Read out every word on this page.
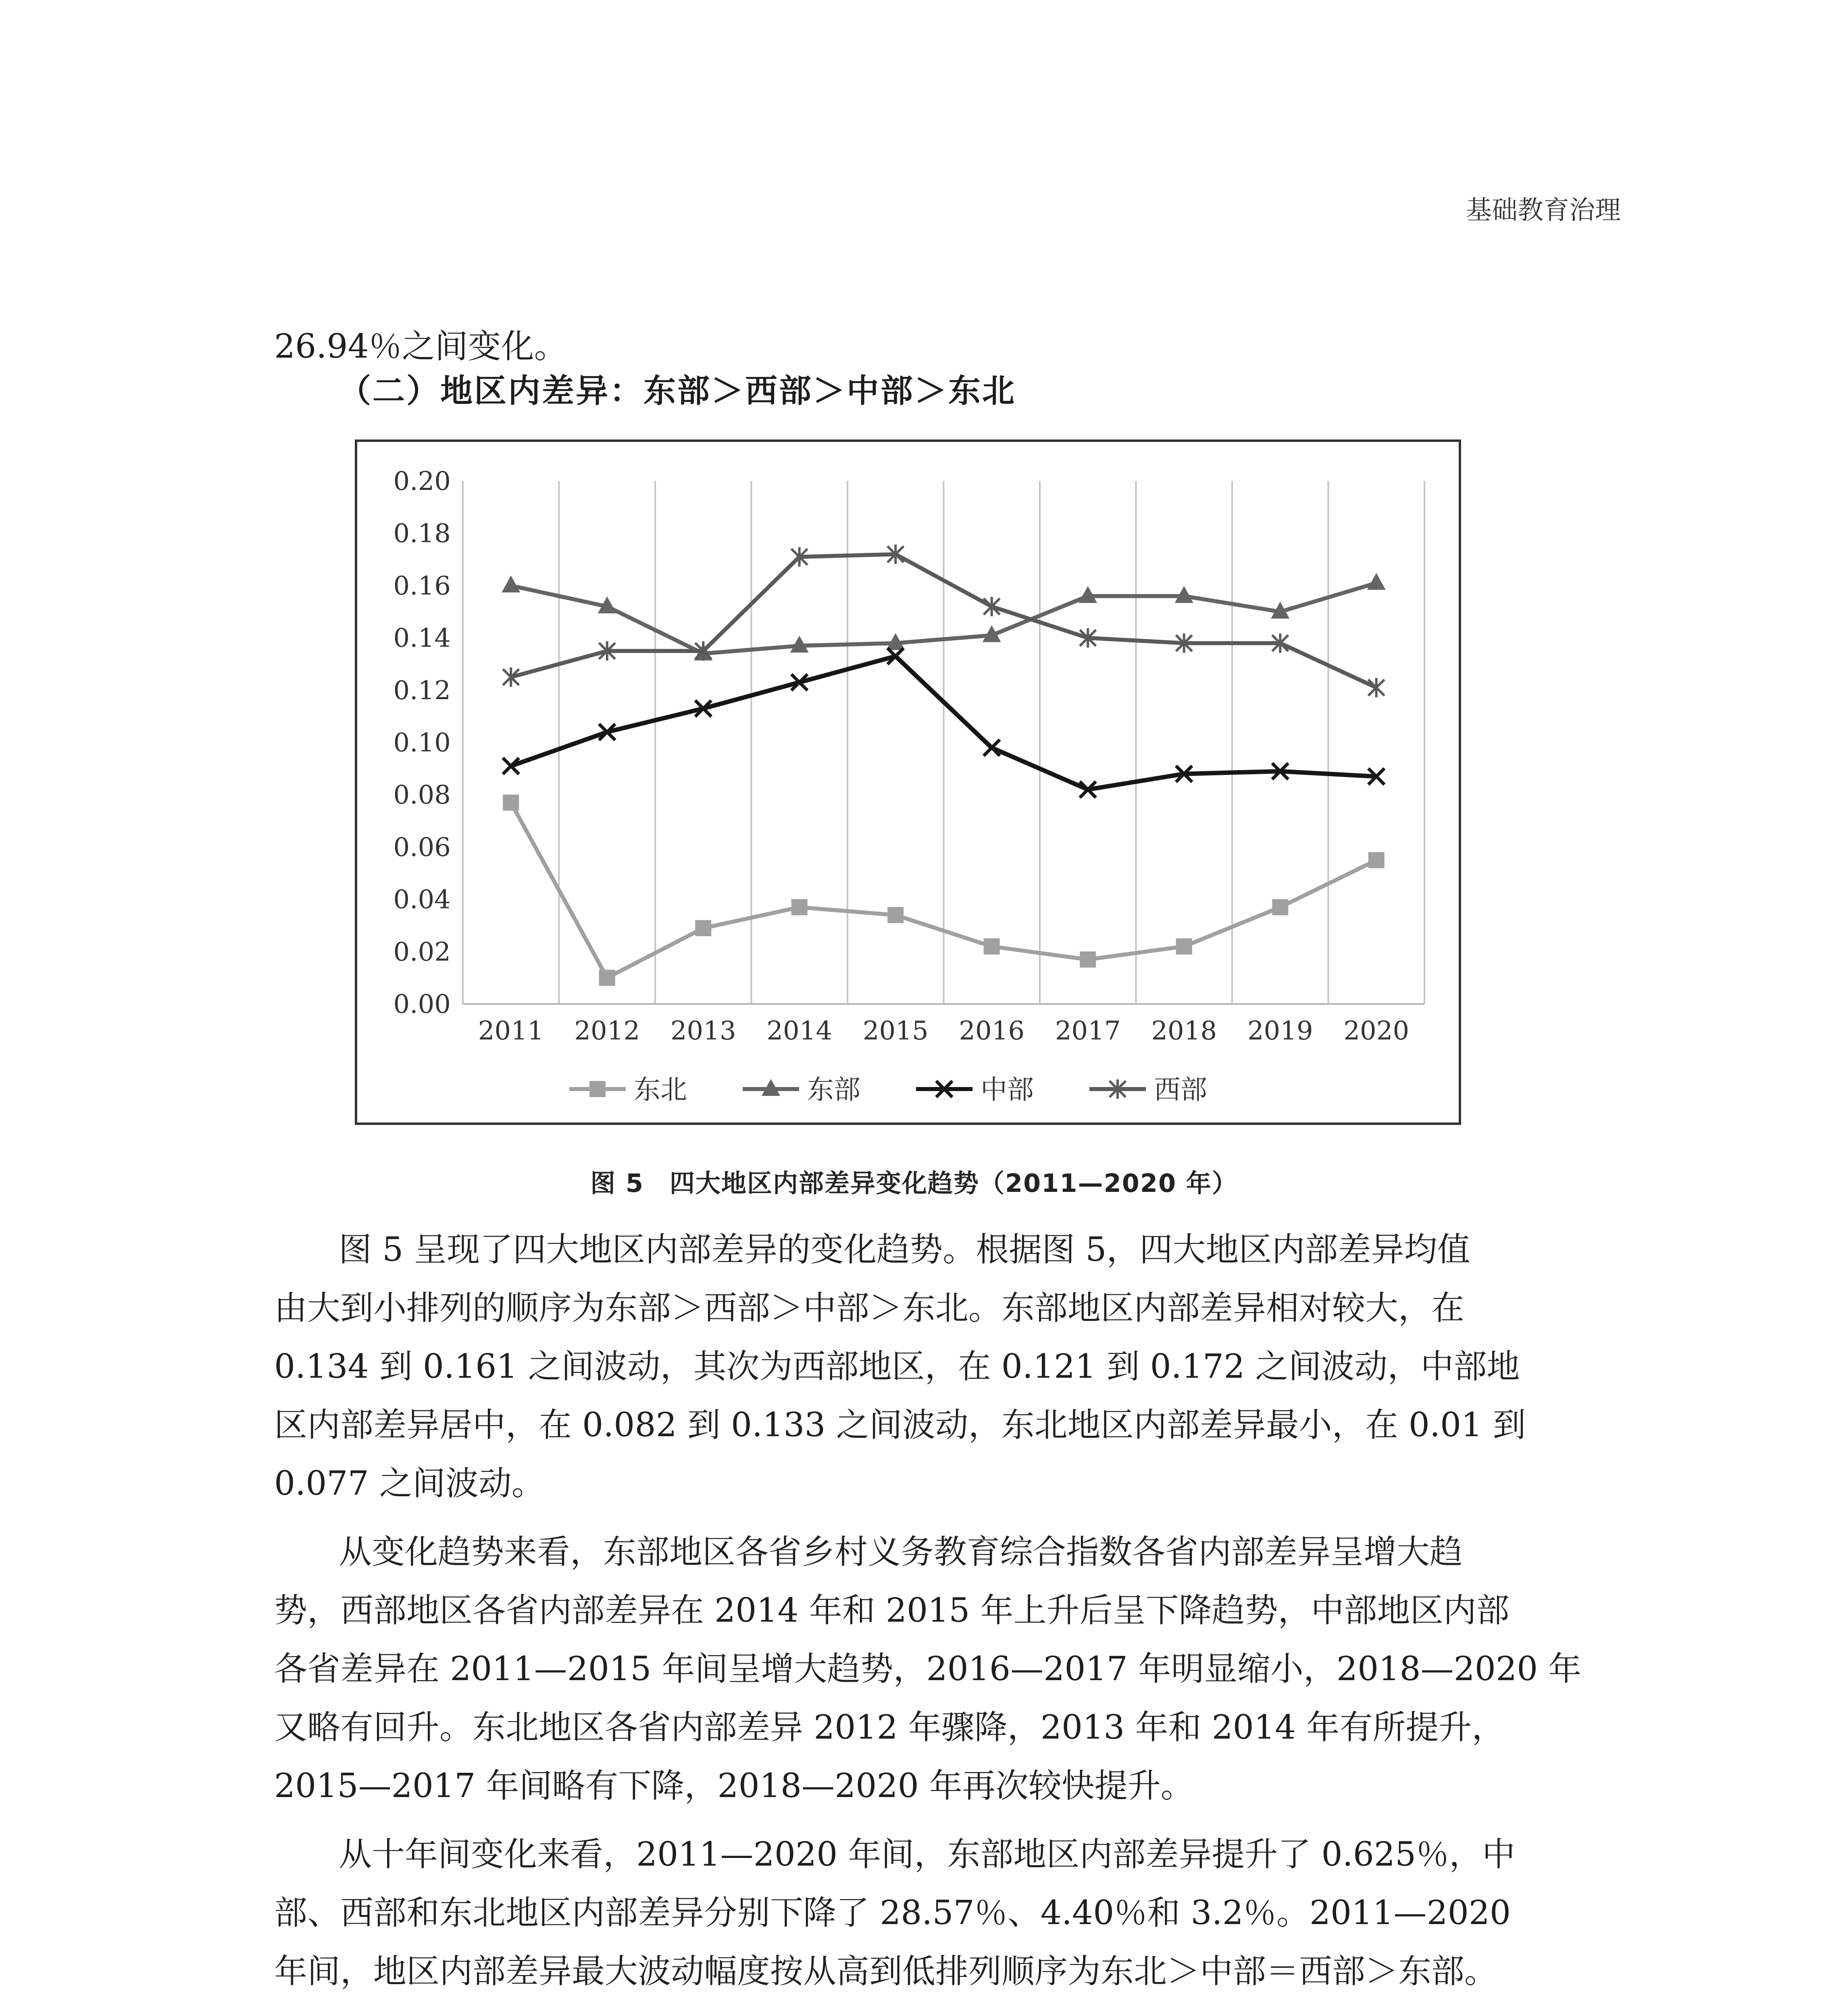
基础教育治理
26.94％之间变化。
（二）地区内差异：东部＞西部＞中部＞东北
0.00
0.02
0.04
0.06
0.08
0.10
0.12
0.14
0.16
0.18
0.20
2011 2012 2013 2014 2015 2016 2017 2018 2019 2020
东北	东部	中部	西部
图 5　四大地区内部差异变化趋势（2011—2020 年）
图 5 呈现了四大地区内部差异的变化趋势。根据图 5，四大地区内部差异均值
由大到小排列的顺序为东部＞西部＞中部＞东北。东部地区内部差异相对较大，在
0.134 到 0.161 之间波动，其次为西部地区，在 0.121 到 0.172 之间波动，中部地
区内部差异居中，在 0.082 到 0.133 之间波动，东北地区内部差异最小，在 0.01 到
0.077 之间波动。
从变化趋势来看，东部地区各省乡村义务教育综合指数各省内部差异呈增大趋
势，西部地区各省内部差异在 2014 年和 2015 年上升后呈下降趋势，中部地区内部
各省差异在 2011—2015 年间呈增大趋势，2016—2017 年明显缩小，2018—2020 年
又略有回升。东北地区各省内部差异 2012 年骤降，2013 年和 2014 年有所提升，
2015—2017 年间略有下降，2018—2020 年再次较快提升。
从十年间变化来看，2011—2020 年间，东部地区内部差异提升了 0.625％，中
部、西部和东北地区内部差异分别下降了 28.57％、4.40％和 3.2％。2011—2020
年间，地区内部差异最大波动幅度按从高到低排列顺序为东北＞中部＝西部＞东部。
